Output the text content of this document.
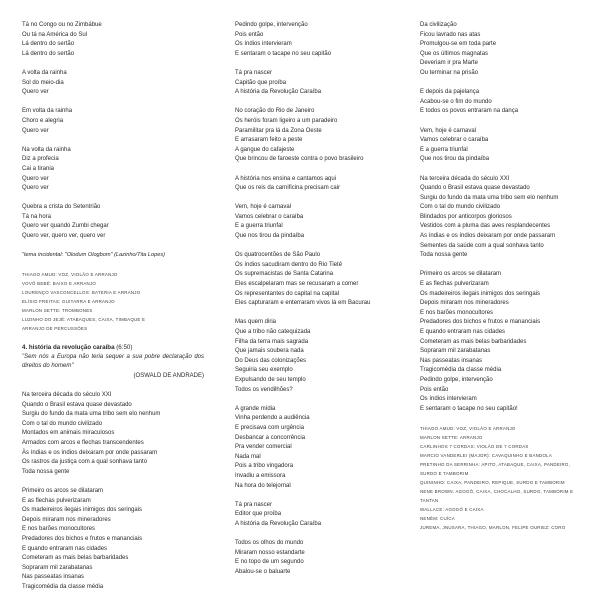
Tá no Congo ou no Zimbábue
Ou tá na América do Sul
Lá dentro do sertão
Lá dentro do sertão
A volta da rainha
Sol do meio-dia
Quero ver
Em volta da rainha
Choro e alegria
Quero ver
Na volta da rainha
Diz a profecia
Cai a tirania
Quero ver
Quero ver
Quebra a crista do Setentrião
Tá na hora
Quero ver quando Zumbi chegar
Quero ver, quero ver, quero ver
"tema incidental: "Olodum Ologbom" (Lazinho/Tita Lopes)
THIAGO AMUD: VOZ, VIOLÃO E ARRANJO
VOVÔ BEBÊ: BAIXO E ARRANJO
LOURENÇO VASCONCELLOS: BATERIA E ARRANJO
ELÍSIO FREITAS: GUITARRA E ARRANJO
MARLON SETTE: TROMBONES
LUZINHO DO JEJÊ: ATABAQUES, CAIXA, TIMBAQUE E
ARRANJO DE PERCUSSÕES
4. história da revolução caraíba (6:50)
"Sem nós a Europa não teria sequer a sua pobre declaração dos direitos do homem"
(OSWALD DE ANDRADE)
Na terceira década do século XXI
Quando o Brasil estava quase devastado
Surgiu do fundo da mata uma tribo sem elo nenhum
Com o tal do mundo civilizado
Montados em animais miraculosos
Armados com arcos e flechas transcendentes
Às índias e os índios deixaram por onde passaram
Os rastros da justiça com a qual sonhava tanto
Toda nossa gente
Primeiro os arcos se dilataram
E as flechas pulverizaram
Os madeireiros ilegais inimigos dos seringais
Depois miraram nos mineradores
E nos barões monocultores
Predadores dos bichos e frutos e mananciais
E quando entraram nas cidades
Cometeram as mais belas barbaridades
Sopraram mil zarabatanas
Nas passeatas insanas
Tragicomédia da classe média
Pedindo golpe, intervenção
Pois então
Os índios intervieram
E sentaram o tacape no seu capitão
Tá pra nascer
Capitão que proíba
A história da Revolução Caraíba
No coração do Rio de Janeiro
Os heróis foram ligeiro a um paradeiro
Paramilitar pra lá da Zona Oeste
E arrasaram feito a peste
A gangue do cafajeste
Que brincou de faroeste contra o povo brasileiro
A história nos ensina e cantamos aqui
Que os reis da carnificina precisam cair
Vem, hoje é carnaval
Vamos celebrar o caraíba
E a guerra triunfal
Que nos tirou da pindaíba
Os quatrocentões de São Paulo
Os índios sacudiram dentro do Rio Tietê
Os supremacistas de Santa Catarina
Eles escalpelaram mas se recusaram a comer
Os representantes do capital na capital
Eles capturaram e enterraram vivos lá em Bacurau
Mas quem diria
Que a tribo não catequizada
Filha da terra mais sagrada
Que jamais soubera nada
Do Deus das colonizações
Seguiria seu exemplo
Expulsando de seu templo
Todos os vendilhões?
A grande mídia
Vinha perdendo a audiência
E precisava com urgência
Desbancar a concorrência
Pra vender comercial
Nada mal
Pois a tribo vingadora
Invadiu a emissora
Na hora do telejornal
Tá pra nascer
Editor que proíba
A história da Revolução Caraíba
Todos os olhos do mundo
Miraram nosso estandarte
E no topo de um segundo
Abalou-se o baluarte
Da civilização
Ficou lavrado nas atas
Promulgou-se em toda parte
Que os últimos magnatas
Deveriam ir pra Marte
Ou terminar na prisão
E depois da pajelança
Acabou-se o fim do mundo
E todos os povos entraram na dança
Vem, hoje é carnaval
Vamos celebrar o caraíba
E a guerra triunfal
Que nos tirou da pindaíba
Na terceira década do século XXI
Quando o Brasil estava quase devastado
Surgiu do fundo da mata uma tribo sem elo nenhum
Com o tal do mundo civilizado
Blindados por anticorpos gloriosos
Vestidos com a pluma das aves resplandecentes
As índias e os índios deixaram por onde passaram
Sementes da saúde com a qual sonhava tanto
Toda nossa gente
Primeiro os arcos se dilataram
E as flechas pulverizaram
Os madeireiros ilegais inimigos dos seringais
Depois miraram nos mineradores
E nos barões monocultores
Predadores dos bichos e frutos e mananciais
E quando entraram nas cidades
Cometeram as mais belas barbaridades
Sopraram mil zarabatanas
Nas passeatas insanas
Tragicomédia da classe média
Pedindo golpe, intervenção
Pois então
Os índios intervieram
E sentaram o tacape no seu capitão!
THIAGO AMUD: VOZ, VIOLÃO E ARRANJO
MARLON SETTE: ARRANJO
CARLINHOS 7 CORDAS: VIOLÃO DE 7 CORDAS
MARCIO VANDERLEI (MAJOR): CAVAQUINHO E BANDOLA
PRETINHO DA SERRINHA: APITO, ATABAQUE, CAIXA, PANDEIRO,
SURDO E TAMBORIM
QUININHO: CAIXA, PANDEIRO, REPIQUE, SURDO E TAMBORIM
NENE BROWN: AGOGÔ, CAIXA, CHOCALHO, SURDO, TAMBORIM E
TANTAN
WALLACE: AGOGÔ E CAIXA
NENÊM: CUÍCA
JUREMA, JNUSARA, THIAGO, MARLON, FELIPE OURIEZ: CORO
